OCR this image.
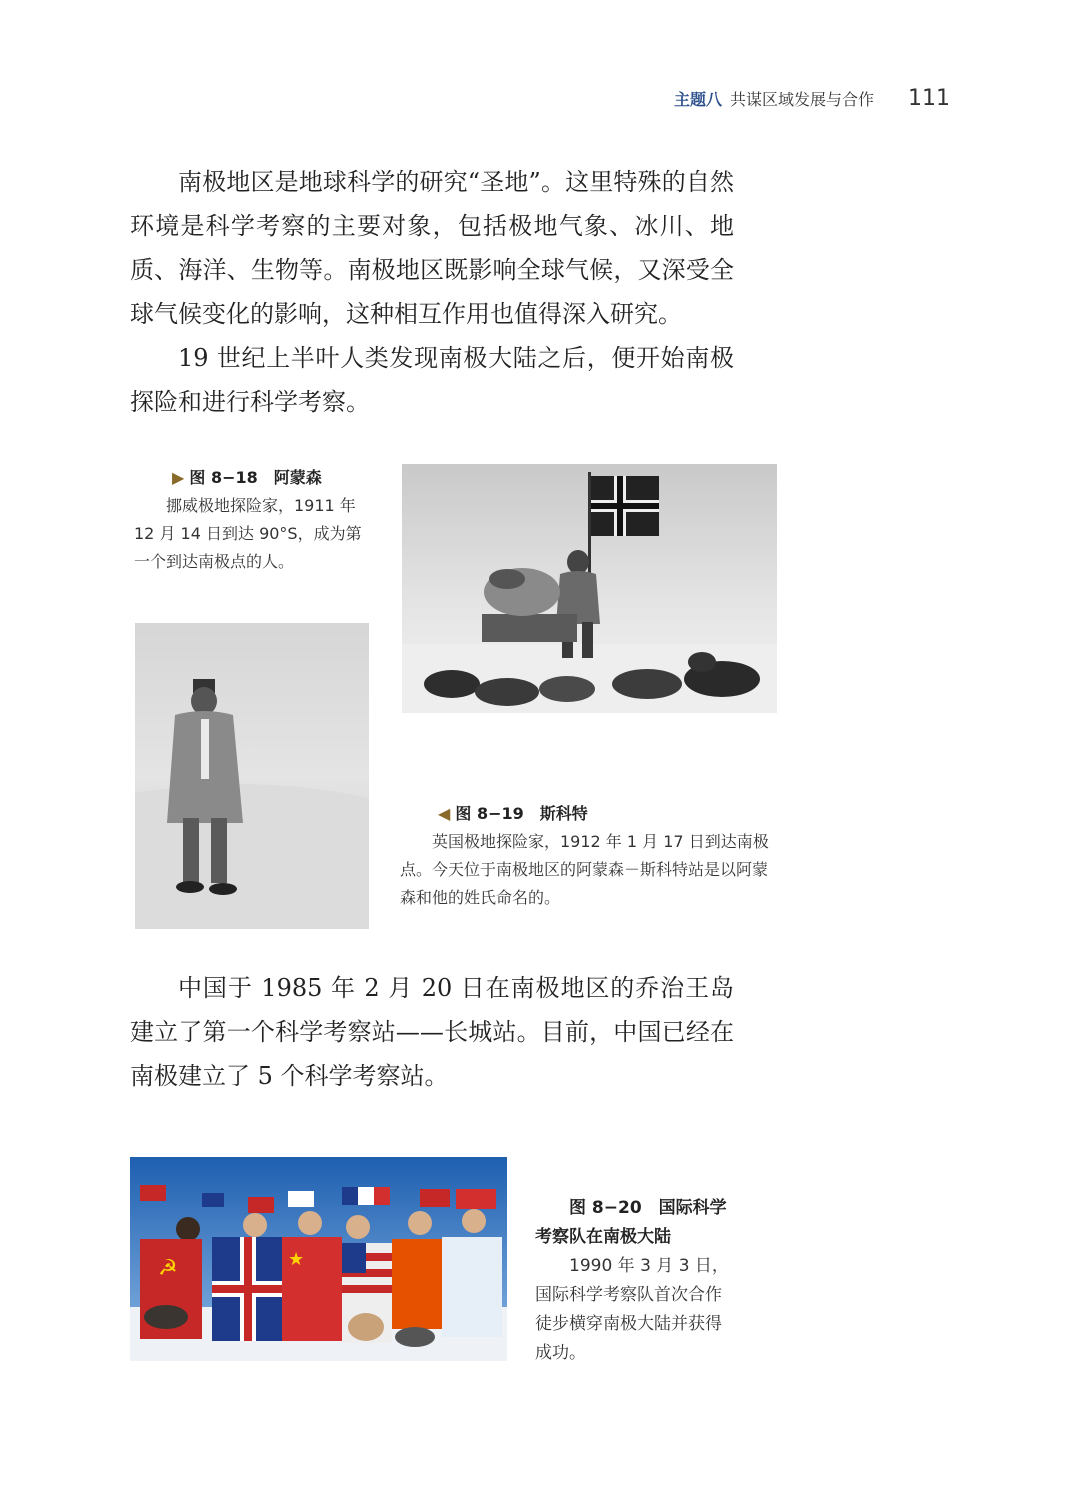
主题八 共谋区域发展与合作 111

南极地区是地球科学的研究“圣地”。这里特殊的自然环境是科学考察的主要对象，包括极地气象、冰川、地质、海洋、生物等。南极地区既影响全球气候，又深受全球气候变化的影响，这种相互作用也值得深入研究。

19 世纪上半叶人类发现南极大陆之后，便开始南极探险和进行科学考察。

▶ 图 8−18　阿蒙森
挪威极地探险家，1911 年 12 月 14 日到达 90°S，成为第一个到达南极点的人。
◀ 图 8−19　斯科特
英国极地探险家，1912 年 1 月 17 日到达南极点。今天位于南极地区的阿蒙森－斯科特站是以阿蒙森和他的姓氏命名的。

中国于 1985 年 2 月 20 日在南极地区的乔治王岛建立了第一个科学考察站——长城站。目前，中国已经在南极建立了 5 个科学考察站。

☭	★
图 8−20　国际科学考察队在南极大陆
1990 年 3 月 3 日，国际科学考察队首次合作徒步横穿南极大陆并获得成功。
